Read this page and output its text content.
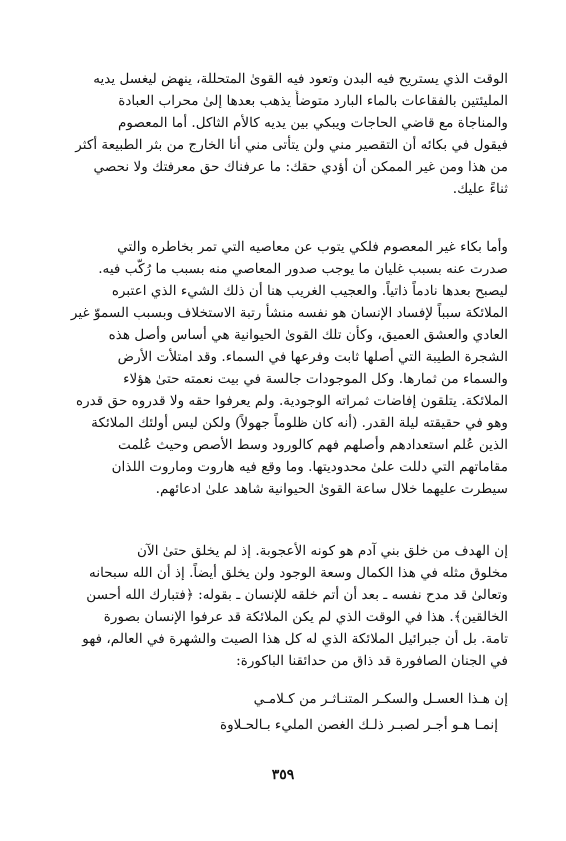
الوقت الذي يستريح فيه البدن وتعود فيه القوىٰ المتحللة، ينهض ليغسل يديه
المليئتين بالفقاعات بالماء البارد متوضأً يذهب بعدها إلىٰ محراب العبادة
والمناجاة مع قاضي الحاجات ويبكي بين يديه كالأم الثاكل. أما المعصوم
فيقول في بكائه أن التقصير مني ولن يتأتى مني أنا الخارج من بثر الطبيعة أكثر
من هذا ومن غير الممكن أن أؤدي حقك: ما عرفناك حق معرفتك ولا نحصي
ثناءً عليك.
وأما بكاء غير المعصوم فلكي يتوب عن معاصيه التي تمر بخاطره والتي
صدرت عنه بسبب غليان ما يوجب صدور المعاصي منه بسبب ما رُكّب فيه.
ليصبح بعدها نادماً ذاتياً. والعجيب الغريب هنا أن ذلك الشيء الذي اعتبره
الملائكة سبباً لإفساد الإنسان هو نفسه منشأ رتبة الاستخلاف وبسبب السموّ غير
العادي والعشق العميق، وكأن تلك القوىٰ الحيوانية هي أساس وأصل هذه
الشجرة الطيبة التي أصلها ثابت وفرعها في السماء. وقد امتلأت الأرض
والسماء من ثمارها. وكل الموجودات جالسة في بيت نعمته حتىٰ هؤلاء
الملائكة. يتلقون إفاضات ثمراته الوجودية. ولم يعرفوا حقه ولا قدروه حق قدره
وهو في حقيقته ليلة القدر. (أنه كان ظلوماً جهولاً) ولكن ليس أولئك الملائكة
الذين عُلم استعدادهم وأصلهم فهم كالورود وسط الأصص وحيث عُلمت
مقاماتهم التي دللت علىٰ محدوديتها. وما وقع فيه هاروت وماروت اللذان
سيطرت عليهما خلال ساعة القوىٰ الحيوانية شاهد علىٰ ادعائهم.
إن الهدف من خلق بني آدم هو كونه الأعجوبة. إذ لم يخلق حتىٰ الآن
مخلوق مثله في هذا الكمال وسعة الوجود ولن يخلق أيضاً. إذ أن الله سبحانه
وتعالىٰ قد مدح نفسه ـ بعد أن أتم خلقه للإنسان ـ بقوله: ﴿فتبارك الله أحسن
الخالقين﴾. هذا في الوقت الذي لم يكن الملائكة قد عرفوا الإنسان بصورة
تامة. بل أن جبرائيل الملائكة الذي له كل هذا الصيت والشهرة في العالم، فهو
في الجنان الصافورة قد ذاق من حدائقنا الباكورة:
إن هـذا العسـل والسكـر المتنـاثـر من كـلامـي
إنمـا هـو أجـر لصبـر ذلـك الغصن المليء بـالحـلاوة
٣٥٩
